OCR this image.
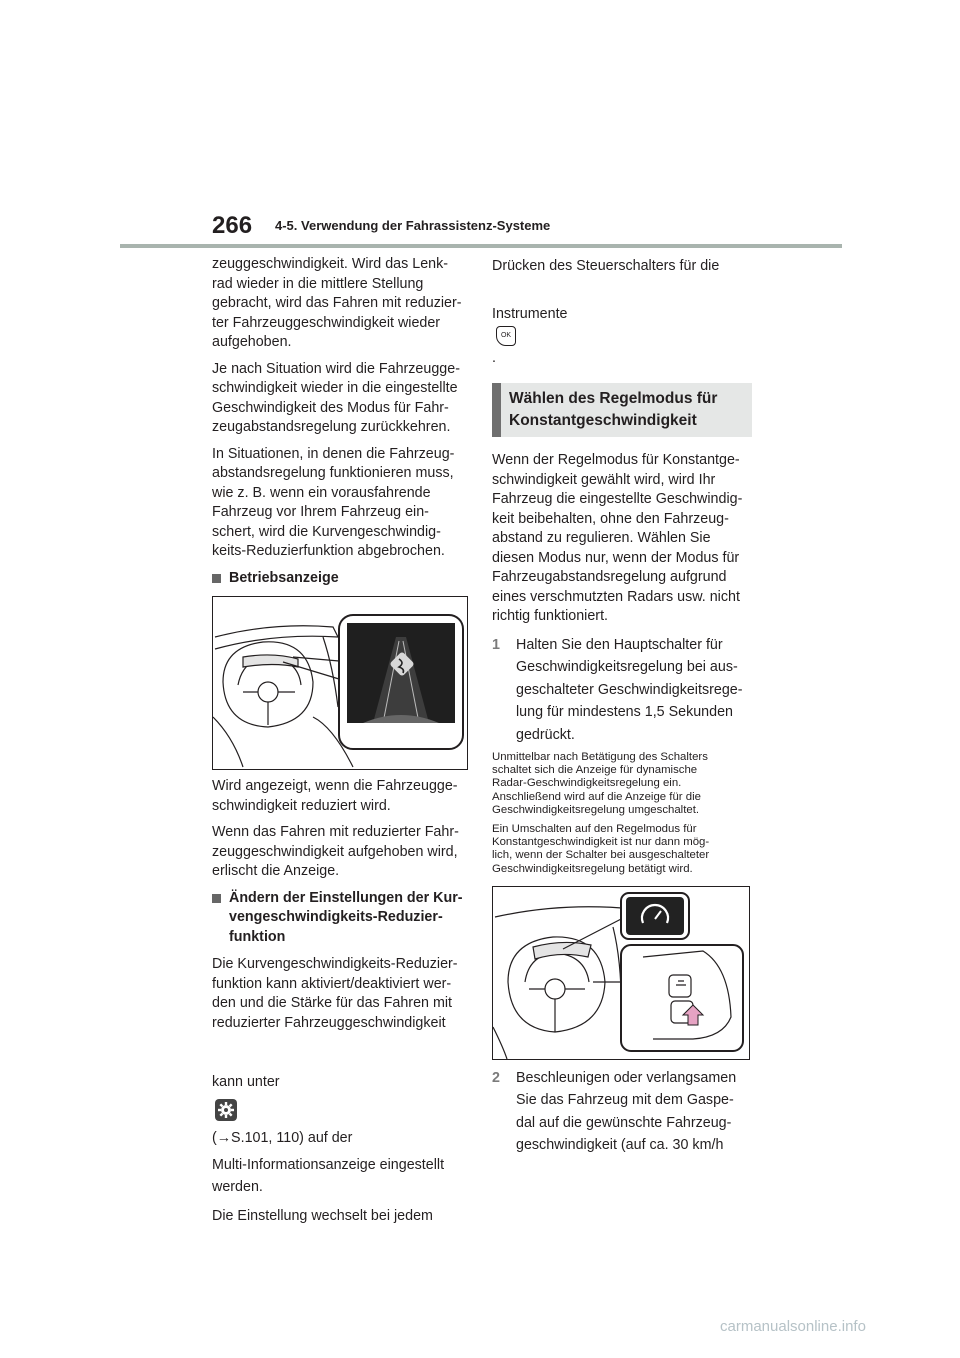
266 4-5. Verwendung der Fahrassistenz-Systeme

zeuggeschwindigkeit. Wird das Lenk-
rad wieder in die mittlere Stellung
gebracht, wird das Fahren mit reduzier-
ter Fahrzeuggeschwindigkeit wieder
aufgehoben.

Je nach Situation wird die Fahrzeugge-
schwindigkeit wieder in die eingestellte
Geschwindigkeit des Modus für Fahr-
zeugabstandsregelung zurückkehren.

In Situationen, in denen die Fahrzeug-
abstandsregelung funktionieren muss,
wie z. B. wenn ein vorausfahrende
Fahrzeug vor Ihrem Fahrzeug ein-
schert, wird die Kurvengeschwindig-
keits-Reduzierfunktion abgebrochen.

Betriebsanzeige

Wird angezeigt, wenn die Fahrzeugge-
schwindigkeit reduziert wird.

Wenn das Fahren mit reduzierter Fahr-
zeuggeschwindigkeit aufgehoben wird,
erlischt die Anzeige.

Ändern der Einstellungen der Kur-
vengeschwindigkeits-Reduzier-
funktion

Die Kurvengeschwindigkeits-Reduzier-
funktion kann aktiviert/deaktiviert wer-
den und die Stärke für das Fahren mit
reduzierter Fahrzeuggeschwindigkeit

kann unter

(→S.101, 110) auf der

Multi-Informationsanzeige eingestellt
werden.

Die Einstellung wechselt bei jedem

Drücken des Steuerschalters für die

Instrumente
OK
.

Wählen des Regelmodus für
Konstantgeschwindigkeit

Wenn der Regelmodus für Konstantge-
schwindigkeit gewählt wird, wird Ihr
Fahrzeug die eingestellte Geschwindig-
keit beibehalten, ohne den Fahrzeug-
abstand zu regulieren. Wählen Sie
diesen Modus nur, wenn der Modus für
Fahrzeugabstandsregelung aufgrund
eines verschmutzten Radars usw. nicht
richtig funktioniert.

1	Halten Sie den Hauptschalter für
Geschwindigkeitsregelung bei aus-
geschalteter Geschwindigkeitsrege-
lung für mindestens 1,5 Sekunden
gedrückt.

Unmittelbar nach Betätigung des Schalters
schaltet sich die Anzeige für dynamische
Radar-Geschwindigkeitsregelung ein.
Anschließend wird auf die Anzeige für die
Geschwindigkeitsregelung umgeschaltet.

Ein Umschalten auf den Regelmodus für
Konstantgeschwindigkeit ist nur dann mög-
lich, wenn der Schalter bei ausgeschalteter
Geschwindigkeitsregelung betätigt wird.

2	Beschleunigen oder verlangsamen
Sie das Fahrzeug mit dem Gaspe-
dal auf die gewünschte Fahrzeug-
geschwindigkeit (auf ca. 30 km/h
carmanualsonline.info
